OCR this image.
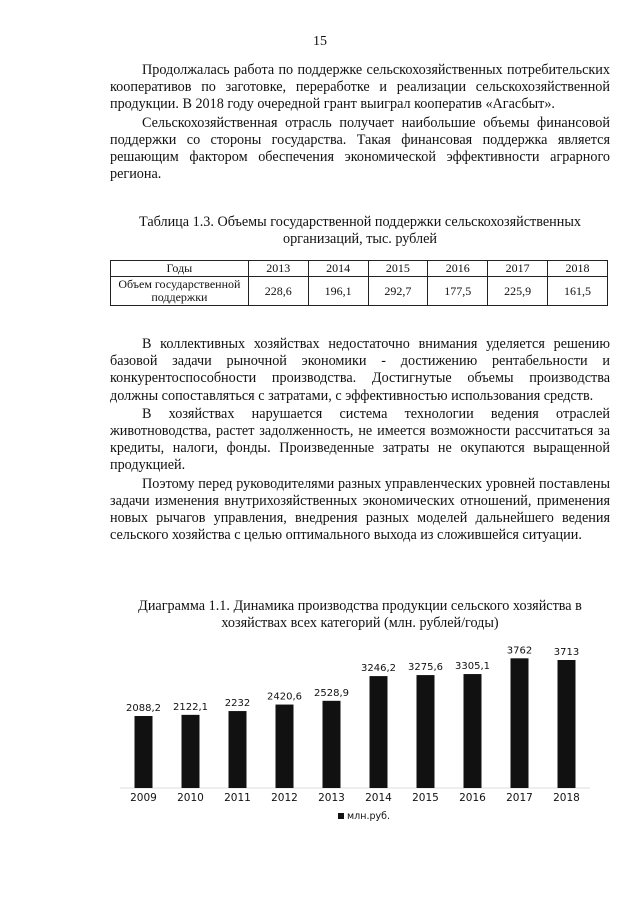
15

Продолжалась работа по поддержке сельскохозяйственных потребительских кооперативов по заготовке, переработке и реализации сельскохозяйственной продукции. В 2018 году очередной грант выиграл кооператив «Агасбыт».

Сельскохозяйственная отрасль получает наибольшие объемы финансовой поддержки со стороны государства. Такая финансовая поддержка является решающим фактором обеспечения экономической эффективности аграрного региона.

Таблица 1.3. Объемы государственной поддержки сельскохозяйственных организаций, тыс. рублей
Годы	2013	2014	2015	2016	2017	2018
Объем государственной поддержки	228,6	196,1	292,7	177,5	225,9	161,5

В коллективных хозяйствах недостаточно внимания уделяется решению базовой задачи рыночной экономики - достижению рентабельности и конкурентоспособности производства. Достигнутые объемы производства должны сопоставляться с затратами, с эффективностью использования средств.

В хозяйствах нарушается система технологии ведения отраслей животноводства, растет задолженность, не имеется возможности рассчитаться за кредиты, налоги, фонды. Произведенные затраты не окупаются выращенной продукцией.

Поэтому перед руководителями разных управленческих уровней поставлены задачи изменения внутрихозяйственных экономических отношений, применения новых рычагов управления, внедрения разных моделей дальнейшего ведения сельского хозяйства с целью оптимального выхода из сложившейся ситуации.

Диаграмма 1.1. Динамика производства продукции сельского хозяйства в хозяйствах всех категорий (млн. рублей/годы)
2088,2
2009
2122,1
2010
2232
2011
2420,6
2012
2528,9
2013
3246,2
2014
3275,6
2015
3305,1
2016
3762
2017
3713
2018
млн.руб.
